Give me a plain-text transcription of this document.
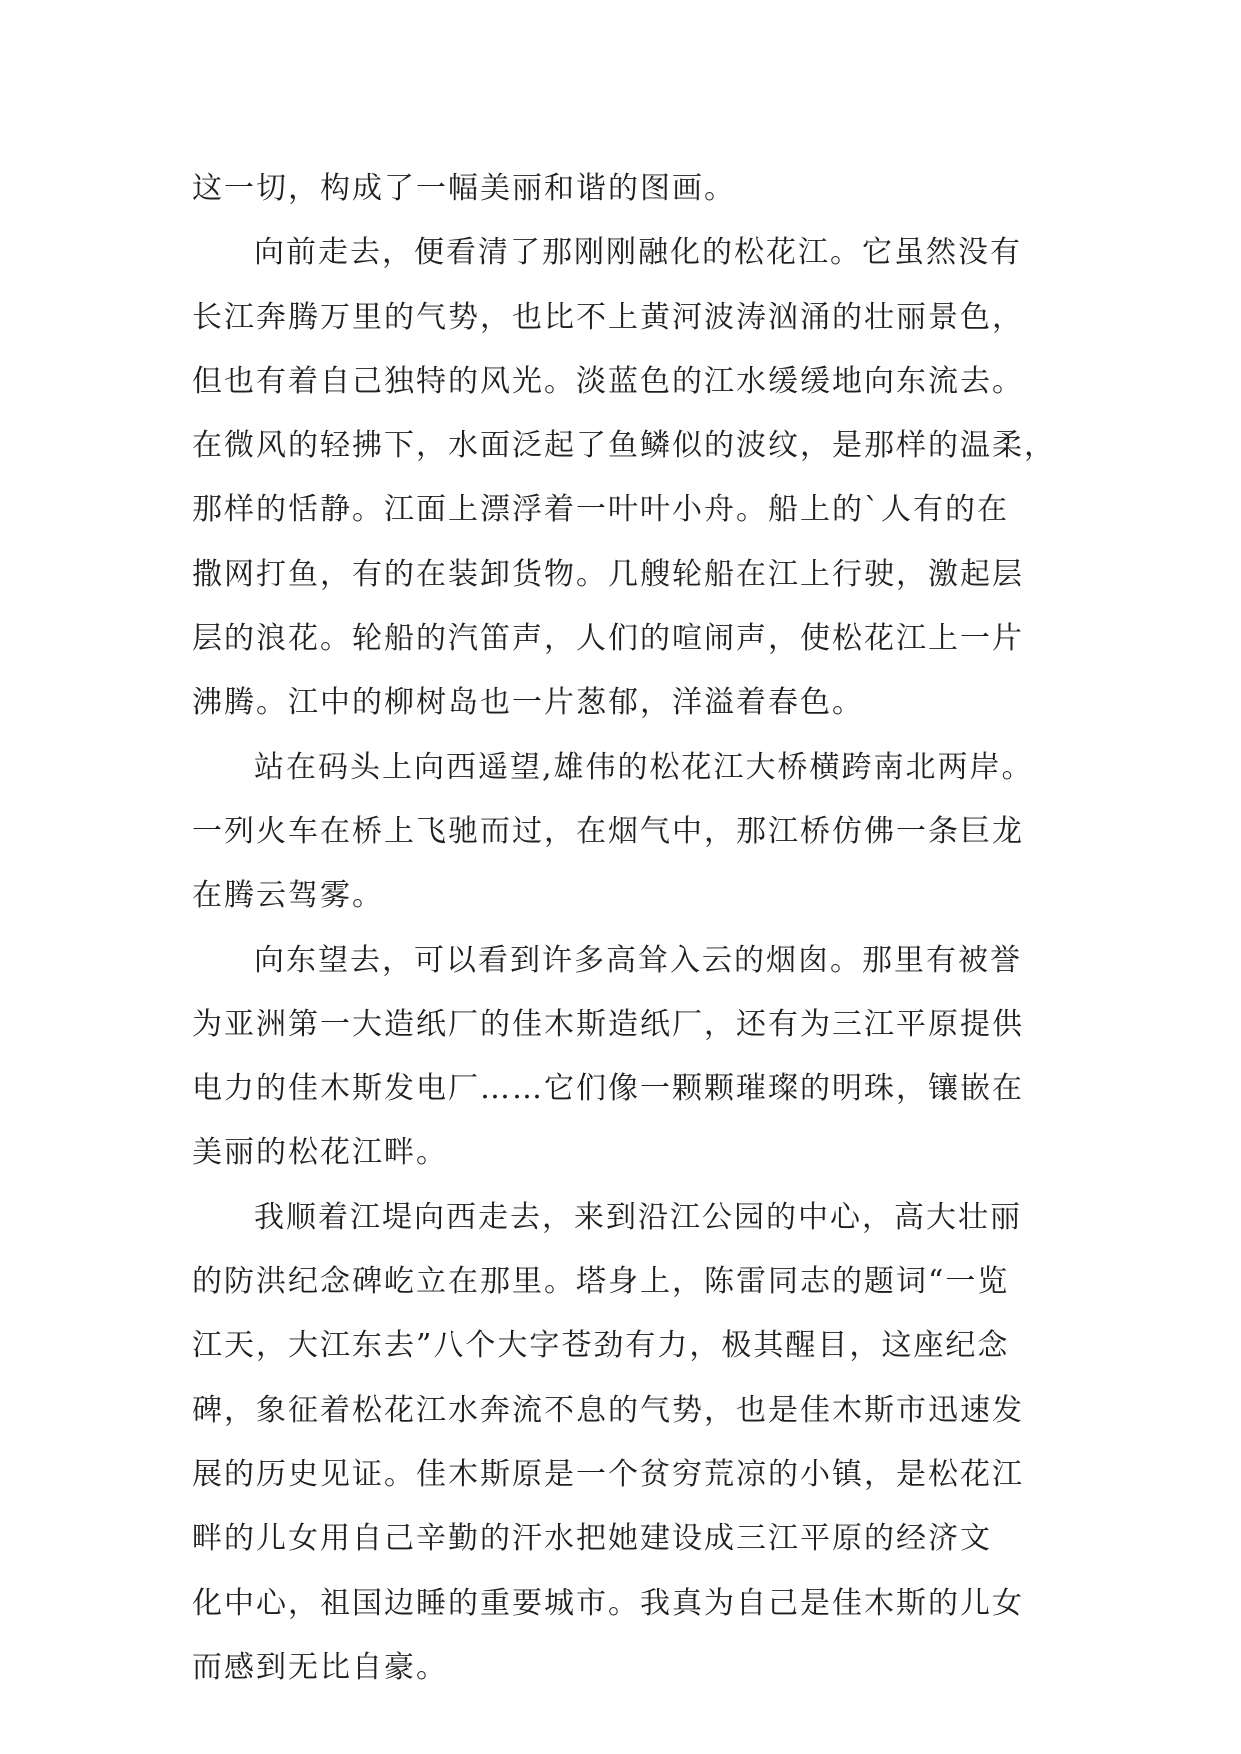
这一切，构成了一幅美丽和谐的图画。
向前走去，便看清了那刚刚融化的松花江。它虽然没有
长江奔腾万里的气势，也比不上黄河波涛汹涌的壮丽景色，
但也有着自己独特的风光。淡蓝色的江水缓缓地向东流去。
在微风的轻拂下，水面泛起了鱼鳞似的波纹，是那样的温柔，
那样的恬静。江面上漂浮着一叶叶小舟。船上的`人有的在
撒网打鱼，有的在装卸货物。几艘轮船在江上行驶，激起层
层的浪花。轮船的汽笛声，人们的喧闹声，使松花江上一片
沸腾。江中的柳树岛也一片葱郁，洋溢着春色。
站在码头上向西遥望,雄伟的松花江大桥横跨南北两岸。
一列火车在桥上飞驰而过，在烟气中，那江桥仿佛一条巨龙
在腾云驾雾。
向东望去，可以看到许多高耸入云的烟囱。那里有被誉
为亚洲第一大造纸厂的佳木斯造纸厂，还有为三江平原提供
电力的佳木斯发电厂……它们像一颗颗璀璨的明珠，镶嵌在
美丽的松花江畔。
我顺着江堤向西走去，来到沿江公园的中心，高大壮丽
的防洪纪念碑屹立在那里。塔身上，陈雷同志的题词“一览
江天，大江东去”八个大字苍劲有力，极其醒目，这座纪念
碑，象征着松花江水奔流不息的气势，也是佳木斯市迅速发
展的历史见证。佳木斯原是一个贫穷荒凉的小镇，是松花江
畔的儿女用自己辛勤的汗水把她建设成三江平原的经济文
化中心，祖国边睡的重要城市。我真为自己是佳木斯的儿女
而感到无比自豪。
